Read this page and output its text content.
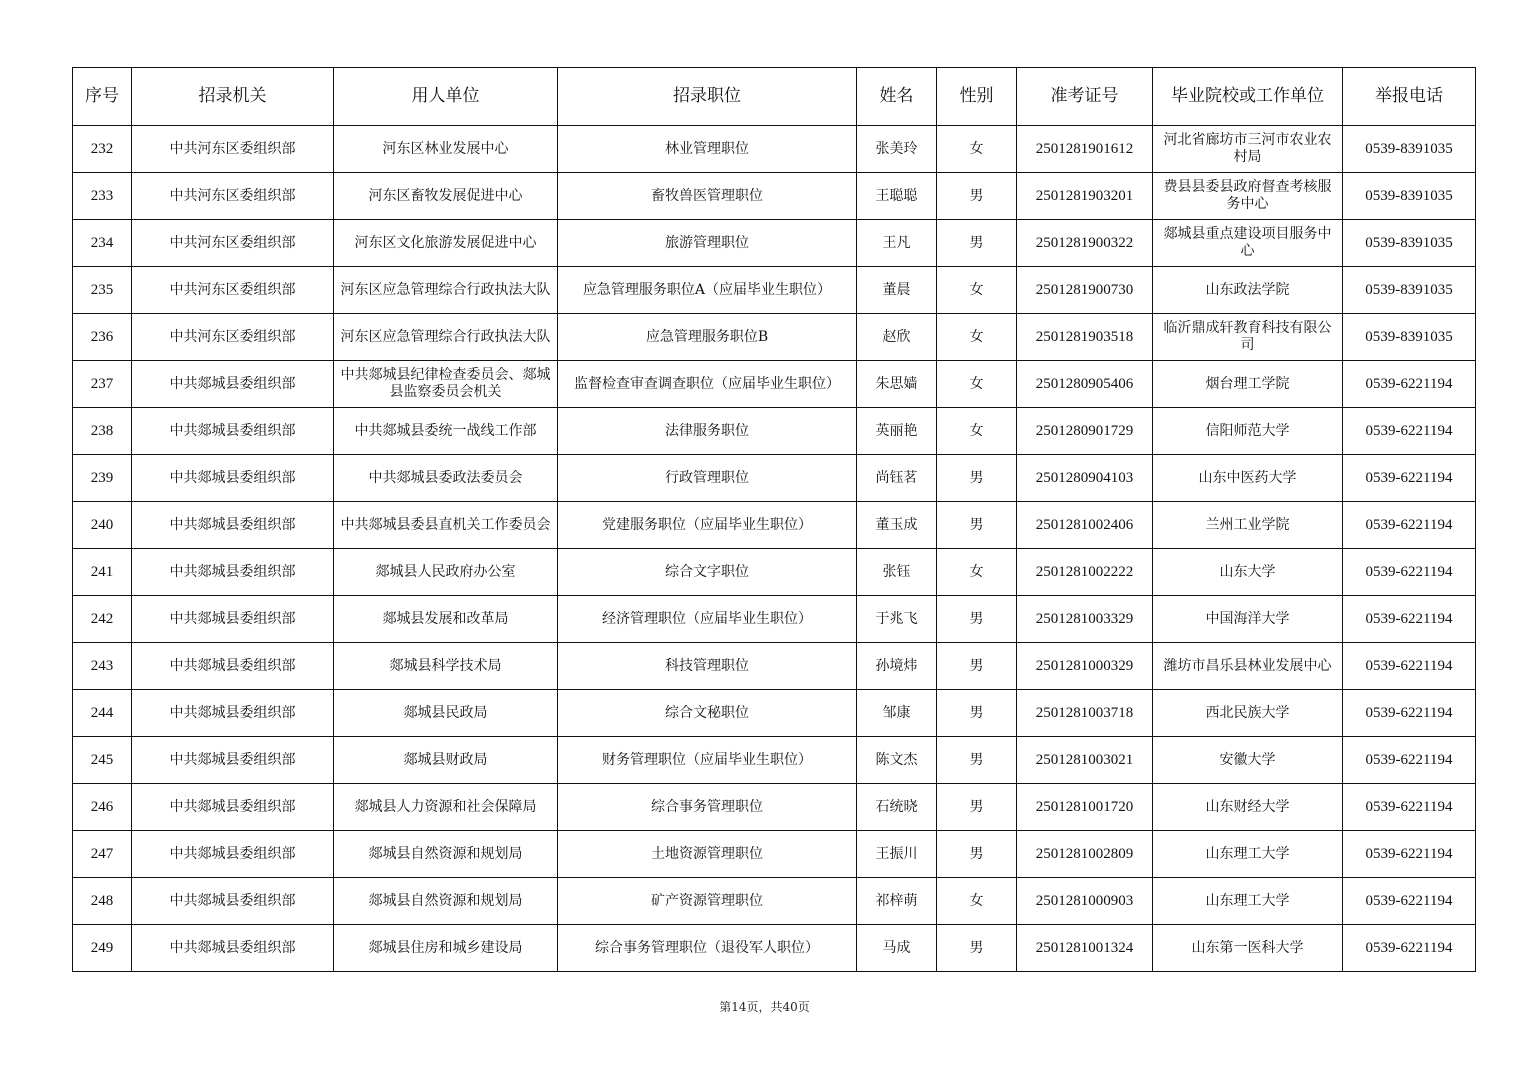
序号	招录机关	用人单位	招录职位	姓名	性别	准考证号	毕业院校或工作单位	举报电话
232	中共河东区委组织部	河东区林业发展中心	林业管理职位	张美玲	女	2501281901612	河北省廊坊市三河市农业农村局	0539-8391035
233	中共河东区委组织部	河东区畜牧发展促进中心	畜牧兽医管理职位	王聪聪	男	2501281903201	费县县委县政府督查考核服务中心	0539-8391035
234	中共河东区委组织部	河东区文化旅游发展促进中心	旅游管理职位	王凡	男	2501281900322	郯城县重点建设项目服务中心	0539-8391035
235	中共河东区委组织部	河东区应急管理综合行政执法大队	应急管理服务职位A（应届毕业生职位）	董晨	女	2501281900730	山东政法学院	0539-8391035
236	中共河东区委组织部	河东区应急管理综合行政执法大队	应急管理服务职位B	赵欣	女	2501281903518	临沂鼎成轩教育科技有限公司	0539-8391035
237	中共郯城县委组织部	中共郯城县纪律检查委员会、郯城县监察委员会机关	监督检查审查调查职位（应届毕业生职位）	朱思嫱	女	2501280905406	烟台理工学院	0539-6221194
238	中共郯城县委组织部	中共郯城县委统一战线工作部	法律服务职位	英丽艳	女	2501280901729	信阳师范大学	0539-6221194
239	中共郯城县委组织部	中共郯城县委政法委员会	行政管理职位	尚钰茗	男	2501280904103	山东中医药大学	0539-6221194
240	中共郯城县委组织部	中共郯城县委县直机关工作委员会	党建服务职位（应届毕业生职位）	董玉成	男	2501281002406	兰州工业学院	0539-6221194
241	中共郯城县委组织部	郯城县人民政府办公室	综合文字职位	张钰	女	2501281002222	山东大学	0539-6221194
242	中共郯城县委组织部	郯城县发展和改革局	经济管理职位（应届毕业生职位）	于兆飞	男	2501281003329	中国海洋大学	0539-6221194
243	中共郯城县委组织部	郯城县科学技术局	科技管理职位	孙境炜	男	2501281000329	潍坊市昌乐县林业发展中心	0539-6221194
244	中共郯城县委组织部	郯城县民政局	综合文秘职位	邹康	男	2501281003718	西北民族大学	0539-6221194
245	中共郯城县委组织部	郯城县财政局	财务管理职位（应届毕业生职位）	陈文杰	男	2501281003021	安徽大学	0539-6221194
246	中共郯城县委组织部	郯城县人力资源和社会保障局	综合事务管理职位	石统晓	男	2501281001720	山东财经大学	0539-6221194
247	中共郯城县委组织部	郯城县自然资源和规划局	土地资源管理职位	王振川	男	2501281002809	山东理工大学	0539-6221194
248	中共郯城县委组织部	郯城县自然资源和规划局	矿产资源管理职位	祁梓萌	女	2501281000903	山东理工大学	0539-6221194
249	中共郯城县委组织部	郯城县住房和城乡建设局	综合事务管理职位（退役军人职位）	马成	男	2501281001324	山东第一医科大学	0539-6221194
第14页，共40页
